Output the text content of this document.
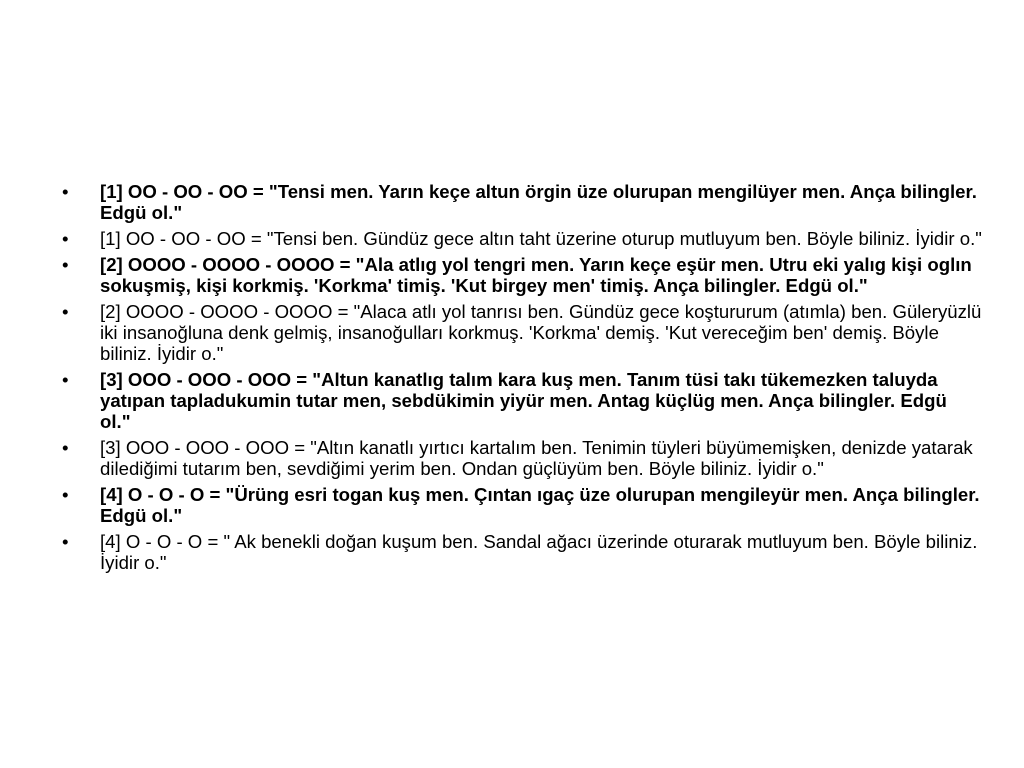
•	[1] OO - OO - OO = "Tensi men. Yarın keçe altun örgin üze olurupan mengilüyer men. Ança bilingler. Edgü ol."
•	[1] OO - OO - OO = "Tensi ben. Gündüz gece altın taht üzerine oturup mutluyum ben. Böyle biliniz. İyidir o."
•	[2] OOOO - OOOO - OOOO = "Ala atlıg yol tengri men. Yarın keçe eşür men. Utru eki yalıg kişi oglın sokuşmiş, kişi korkmiş. 'Korkma' timiş. 'Kut birgey men' timiş. Ança bilingler. Edgü ol."
•	[2] OOOO - OOOO - OOOO = "Alaca atlı yol tanrısı ben. Gündüz gece koştururum (atımla) ben. Güleryüzlü iki insanoğluna denk gelmiş, insanoğulları korkmuş. 'Korkma' demiş. 'Kut vereceğim ben' demiş. Böyle biliniz. İyidir o."
•	[3] OOO - OOO - OOO = "Altun kanatlıg talım kara kuş men. Tanım tüsi takı tükemezken taluyda yatıpan tapladukumin tutar men, sebdükimin yiyür men. Antag küçlüg men. Ança bilingler. Edgü ol."
•	[3] OOO - OOO - OOO = "Altın kanatlı yırtıcı kartalım ben. Tenimin tüyleri büyümemişken, denizde yatarak dilediğimi tutarım ben, sevdiğimi yerim ben. Ondan güçlüyüm ben. Böyle biliniz. İyidir o."
•	[4] O - O - O = "Ürüng esri togan kuş men. Çıntan ıgaç üze olurupan mengileyür men. Ança bilingler. Edgü ol."
•	[4] O - O - O = " Ak benekli doğan kuşum ben. Sandal ağacı üzerinde oturarak mutluyum ben. Böyle biliniz. İyidir o."
